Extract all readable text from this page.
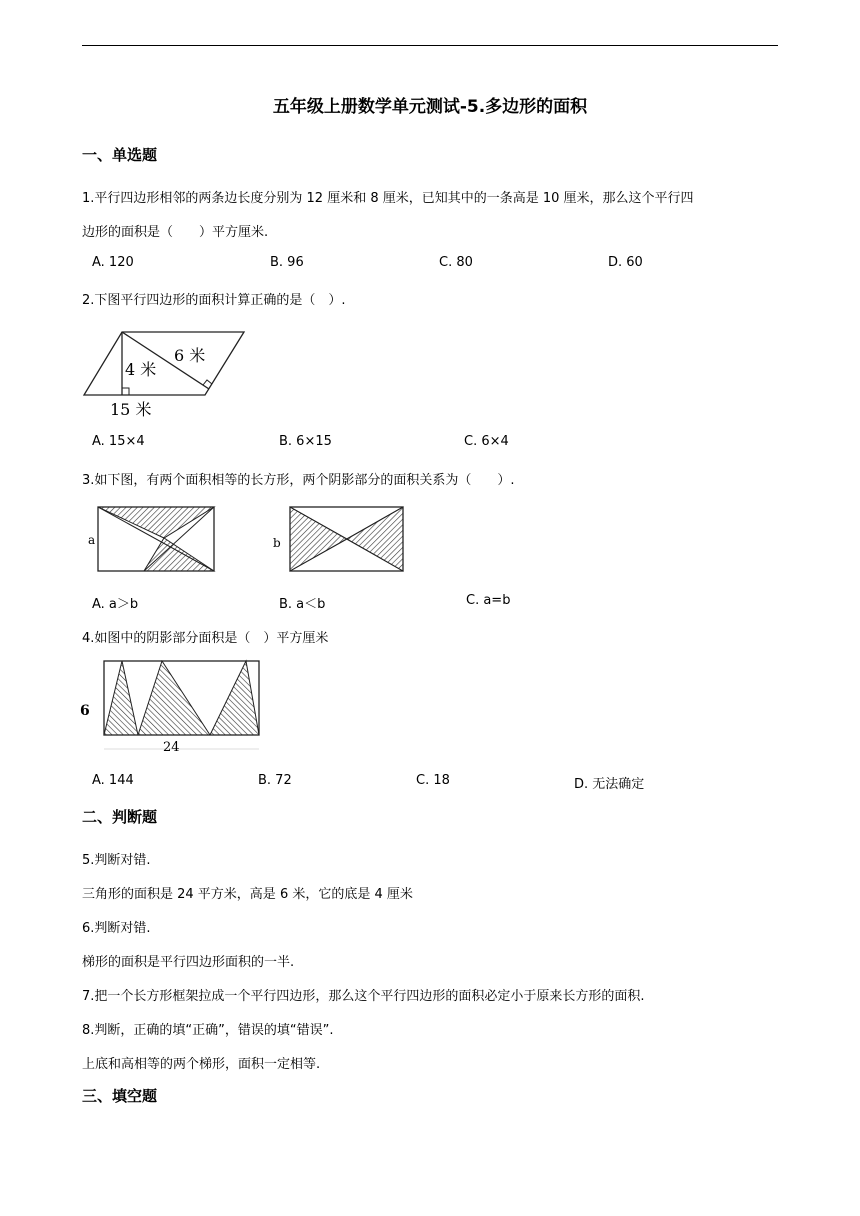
五年级上册数学单元测试-5.多边形的面积
一、单选题
1.平行四边形相邻的两条边长度分别为 12 厘米和 8 厘米，已知其中的一条高是 10 厘米，那么这个平行四
边形的面积是（　　）平方厘米.
A. 120	B. 96	C. 80	D. 60
2.下图平行四边形的面积计算正确的是（　）.
4 米
6 米
15 米
A. 15×4	B. 6×15	C. 6×4
3.如下图，有两个面积相等的长方形，两个阴影部分的面积关系为（　　）.
a	b
A. a＞b	B. a＜b	C. a=b
4.如图中的阴影部分面积是（　）平方厘米
6
24
A. 144	B. 72	C. 18	D. 无法确定
二、判断题
5.判断对错.
三角形的面积是 24 平方米，高是 6 米，它的底是 4 厘米
6.判断对错.
梯形的面积是平行四边形面积的一半.
7.把一个长方形框架拉成一个平行四边形，那么这个平行四边形的面积必定小于原来长方形的面积.
8.判断，正确的填“正确”，错误的填“错误”.
上底和高相等的两个梯形，面积一定相等.
三、填空题
